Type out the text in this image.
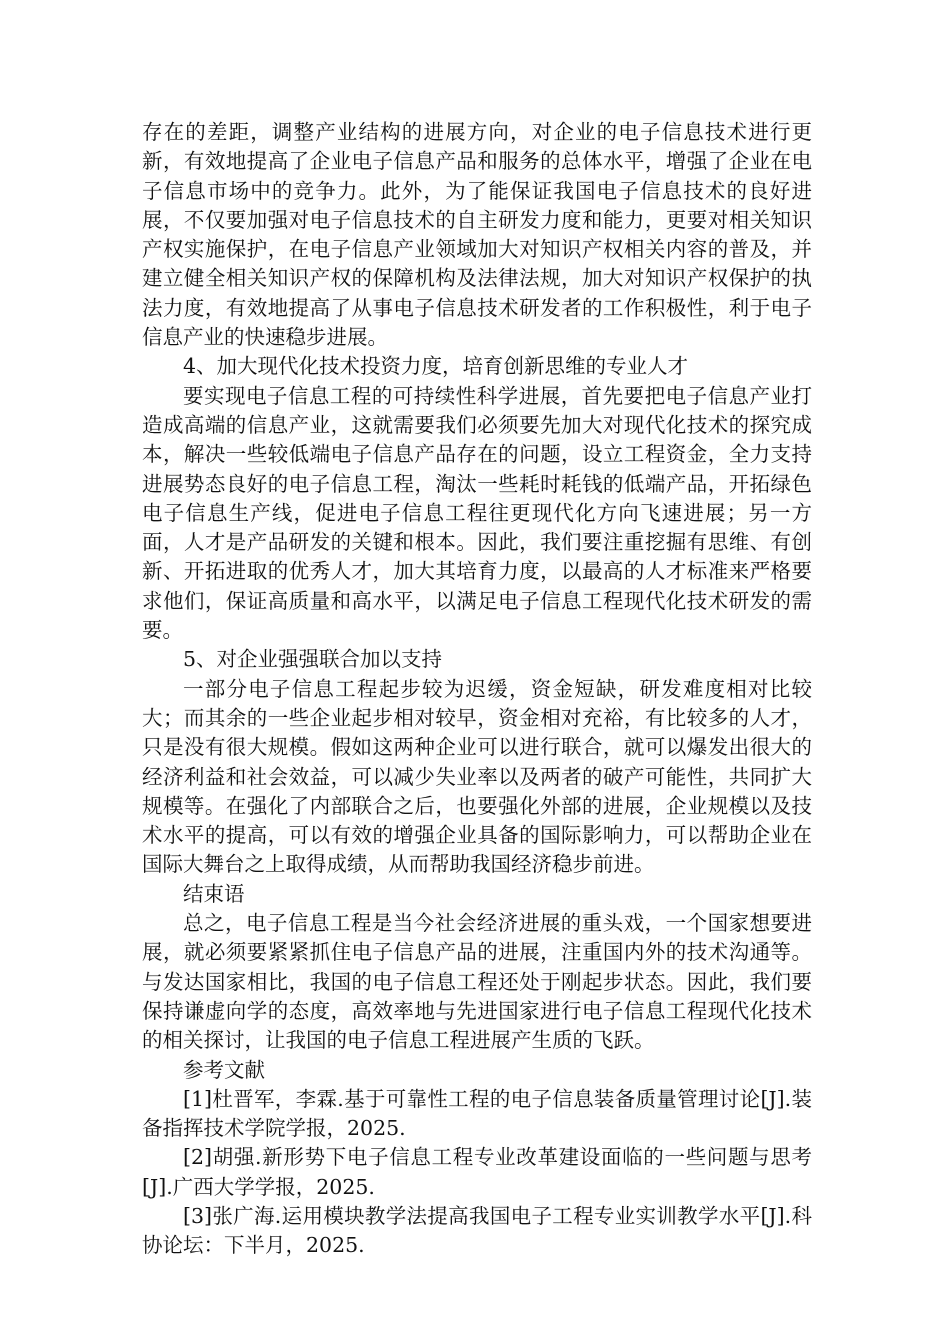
存在的差距，调整产业结构的进展方向，对企业的电子信息技术进行更新，有效地提高了企业电子信息产品和服务的总体水平，增强了企业在电子信息市场中的竞争力。此外，为了能保证我国电子信息技术的良好进展，不仅要加强对电子信息技术的自主研发力度和能力，更要对相关知识产权实施保护，在电子信息产业领域加大对知识产权相关内容的普及，并建立健全相关知识产权的保障机构及法律法规，加大对知识产权保护的执法力度，有效地提高了从事电子信息技术研发者的工作积极性，利于电子信息产业的快速稳步进展。

4、加大现代化技术投资力度，培育创新思维的专业人才

要实现电子信息工程的可持续性科学进展，首先要把电子信息产业打造成高端的信息产业，这就需要我们必须要先加大对现代化技术的探究成本，解决一些较低端电子信息产品存在的问题，设立工程资金，全力支持进展势态良好的电子信息工程，淘汰一些耗时耗钱的低端产品，开拓绿色电子信息生产线，促进电子信息工程往更现代化方向飞速进展；另一方面，人才是产品研发的关键和根本。因此，我们要注重挖掘有思维、有创新、开拓进取的优秀人才，加大其培育力度，以最高的人才标准来严格要求他们，保证高质量和高水平，以满足电子信息工程现代化技术研发的需要。

5、对企业强强联合加以支持

一部分电子信息工程起步较为迟缓，资金短缺，研发难度相对比较大；而其余的一些企业起步相对较早，资金相对充裕，有比较多的人才，只是没有很大规模。假如这两种企业可以进行联合，就可以爆发出很大的经济利益和社会效益，可以减少失业率以及两者的破产可能性，共同扩大规模等。在强化了内部联合之后，也要强化外部的进展，企业规模以及技术水平的提高，可以有效的增强企业具备的国际影响力，可以帮助企业在国际大舞台之上取得成绩，从而帮助我国经济稳步前进。

结束语

总之，电子信息工程是当今社会经济进展的重头戏，一个国家想要进展，就必须要紧紧抓住电子信息产品的进展，注重国内外的技术沟通等。与发达国家相比，我国的电子信息工程还处于刚起步状态。因此，我们要保持谦虚向学的态度，高效率地与先进国家进行电子信息工程现代化技术的相关探讨，让我国的电子信息工程进展产生质的飞跃。

参考文献

[1]杜晋军，李霖.基于可靠性工程的电子信息装备质量管理讨论[J].装备指挥技术学院学报，2025.

[2]胡强.新形势下电子信息工程专业改革建设面临的一些问题与思考[J].广西大学学报，2025.

[3]张广海.运用模块教学法提高我国电子工程专业实训教学水平[J].科协论坛：下半月，2025.
